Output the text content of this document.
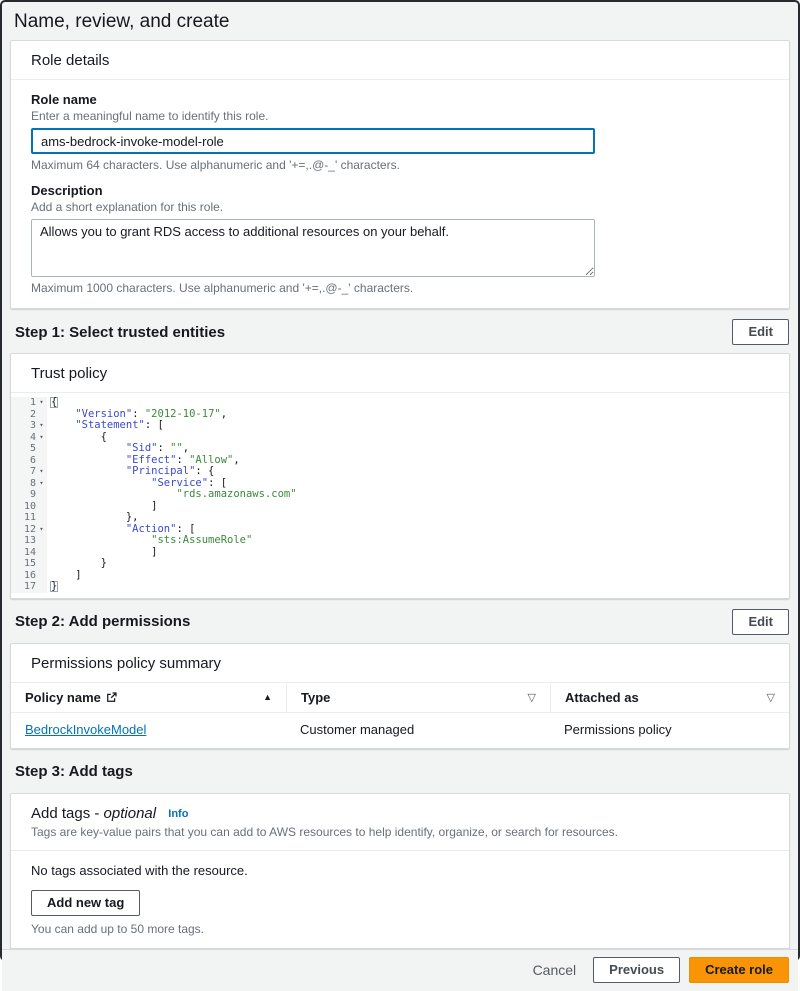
Name, review, and create
Role details
Role name
Enter a meaningful name to identify this role.
ams-bedrock-invoke-model-role
Maximum 64 characters. Use alphanumeric and '+=,.@-_' characters.
Description
Add a short explanation for this role.
Allows you to grant RDS access to additional resources on your behalf.
Maximum 1000 characters. Use alphanumeric and '+=,.@-_' characters.
Step 1: Select trusted entities	Edit
Trust policy
1 ▾ {
2	"Version": "2012-10-17",
3 ▾	"Statement": [
4 ▾ {
5	"Sid": "",
6	"Effect": "Allow",
7 ▾	"Principal": {
8 ▾	"Service": [
9	"rds.amazonaws.com"
10 ]
11 },
12 ▾	"Action": [
13	"sts:AssumeRole"
14 ]
15 }
16 ]
17	}
Step 2: Add permissions	Edit
Permissions policy summary
Policy name	▲ Type	▽ Attached as	▽
BedrockInvokeModel	Customer managed	Permissions policy
Step 3: Add tags
Add tags - optional Info
Tags are key-value pairs that you can add to AWS resources to help identify, organize, or search for resources.
No tags associated with the resource.
Add new tag
You can add up to 50 more tags.
Cancel	Previous	Create role
